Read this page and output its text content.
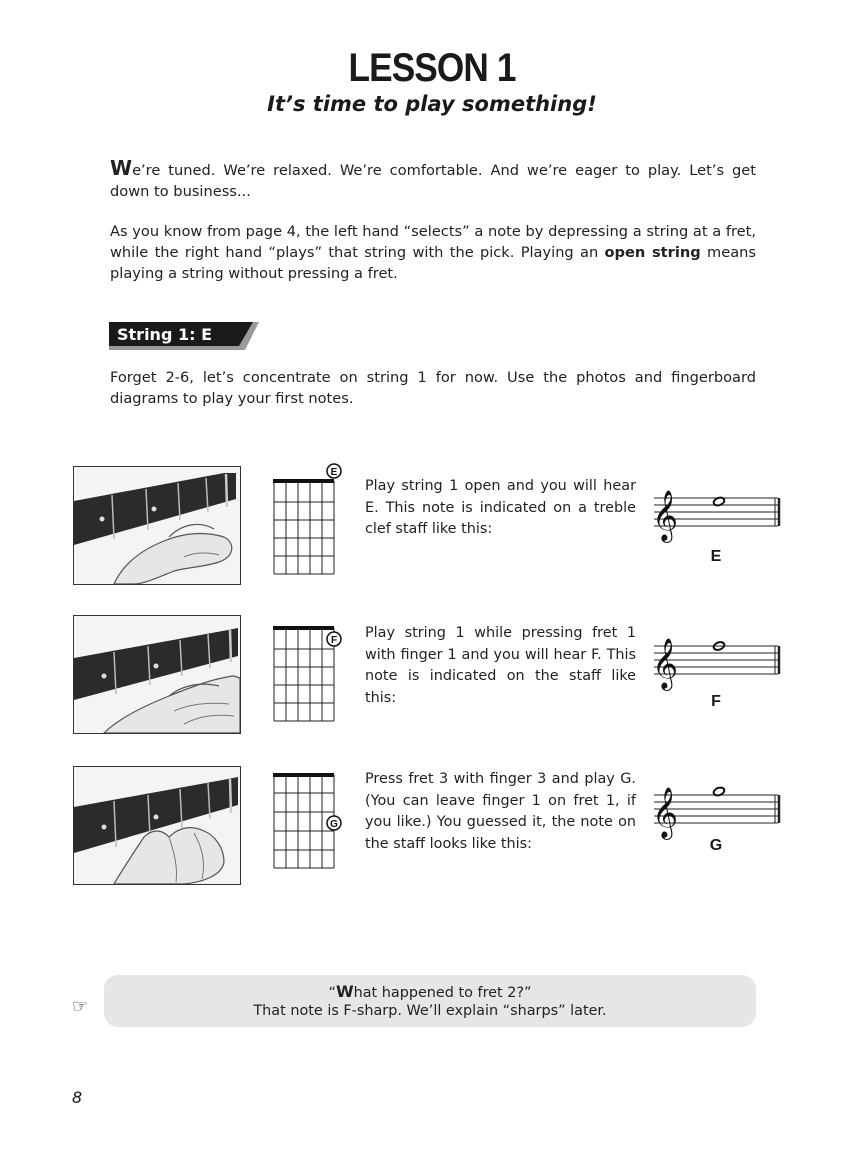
LESSON 1
It’s time to play something!
We’re tuned. We’re relaxed. We’re comfortable. And we’re eager to play. Let’s get down to business...
As you know from page 4, the left hand “selects” a note by depressing a string at a fret, while the right hand “plays” that string with the pick. Playing an open string means playing a string without pressing a fret.
String 1: E
Forget 2-6, let’s concentrate on string 1 for now. Use the photos and fingerboard diagrams to play your first notes.
E
Play string 1 open and you will hear E. This note is indicated on a treble clef staff like this:	𝄞
E
F Play string 1 while pressing fret 1 with finger 1 and you will hear F. This note is indicated on the staff like this:
𝄞
F
G
Press fret 3 with finger 3 and play G. (You can leave finger 1 on fret 1, if you like.) You guessed it, the note on the staff looks like this:
𝄞
G
☞
“What happened to fret 2?”
That note is F-sharp. We’ll explain “sharps” later.
8
